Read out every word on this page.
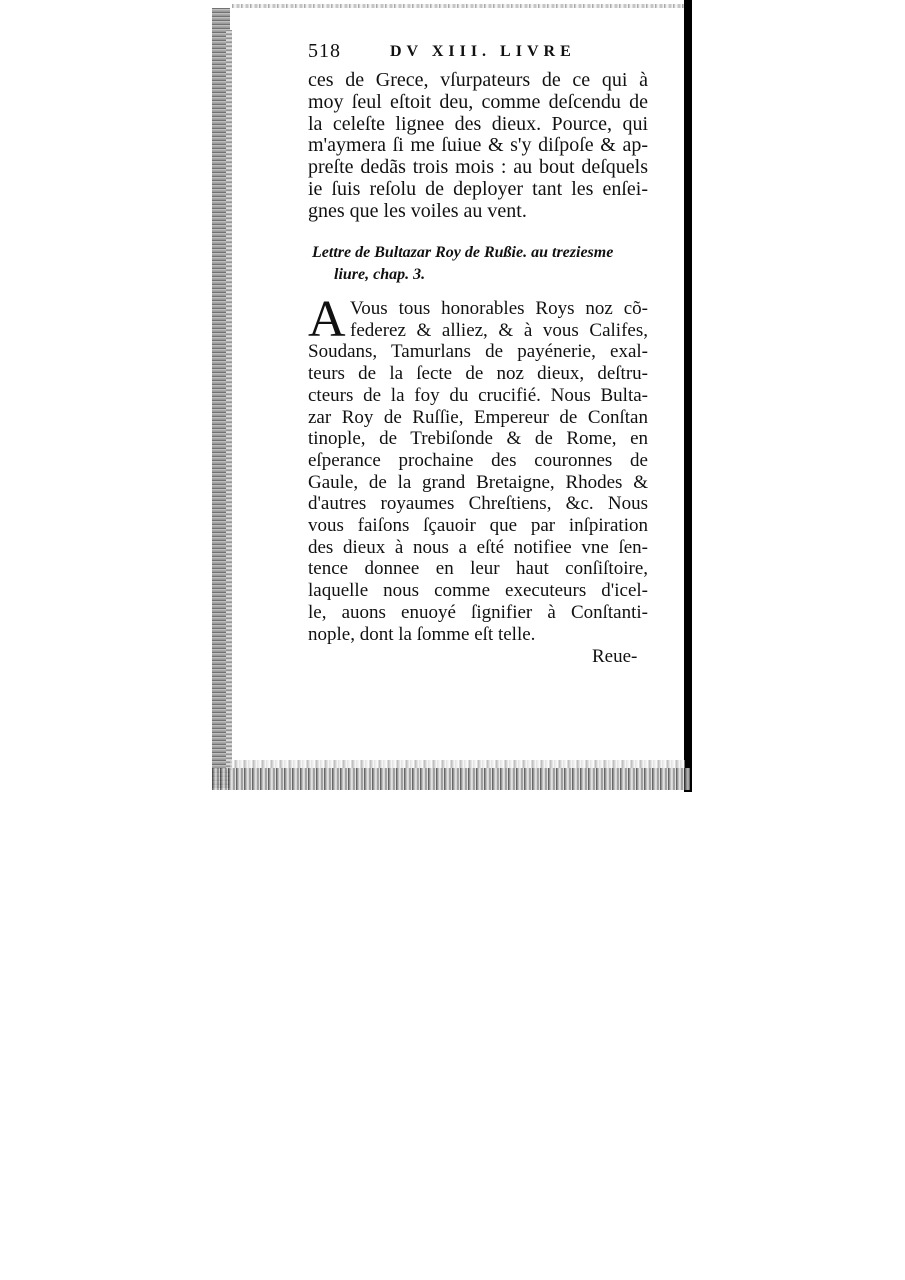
518	DV XIII. LIVRE
ces de Grece, vſurpateurs de ce qui à
moy ſeul eſtoit deu, comme deſcendu de
la celeſte lignee des dieux. Pource, qui
m'aymera ſi me ſuiue & s'y diſpoſe & ap-
preſte dedãs trois mois : au bout deſquels
ie ſuis reſolu de deployer tant les enſei-
gnes que les voiles au vent.
Lettre de Bultazar Roy de Rußie. au treziesme
liure, chap. 3.
A Vous tous honorables Roys noz cõ-
federez & alliez, & à vous Califes,
Soudans, Tamurlans de payénerie, exal-
teurs de la ſecte de noz dieux, deſtru-
cteurs de la foy du crucifié. Nous Bulta-
zar Roy de Ruſſie, Empereur de Conſtan
tinople, de Trebiſonde & de Rome, en
eſperance prochaine des couronnes de
Gaule, de la grand Bretaigne, Rhodes &
d'autres royaumes Chreſtiens, &c. Nous
vous faiſons ſçauoir que par inſpiration
des dieux à nous a eſté notifiee vne ſen-
tence donnee en leur haut conſiſtoire,
laquelle nous comme executeurs d'icel-
le, auons enuoyé ſignifier à Conſtanti-
nople, dont la ſomme eſt telle.
Reue-
